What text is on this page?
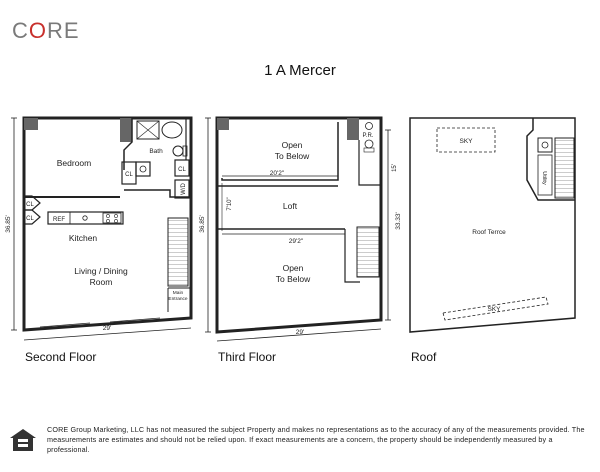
CORE
1 A Mercer
Bedroom
Bath
CL
CL
W/D
CL
CL	REF
Kitchen
Living / Dining
Room
Main
Entrance
29'
36.85'
Open
To Below
20'2"
Loft
29'2"
Open
To Below
P.R.
36.85'
7'10"
15'
33.33'
29'
SKY
Roof Terrce
SKY
Utility
Second Floor	Third Floor	Roof
CORE Group Marketing, LLC has not measured the subject Property and makes no representations as to the accuracy of any of the measurements provided. The measurements are estimates and should not be relied upon. If exact measurements are a concern, the property should be independently measured by a professional.
